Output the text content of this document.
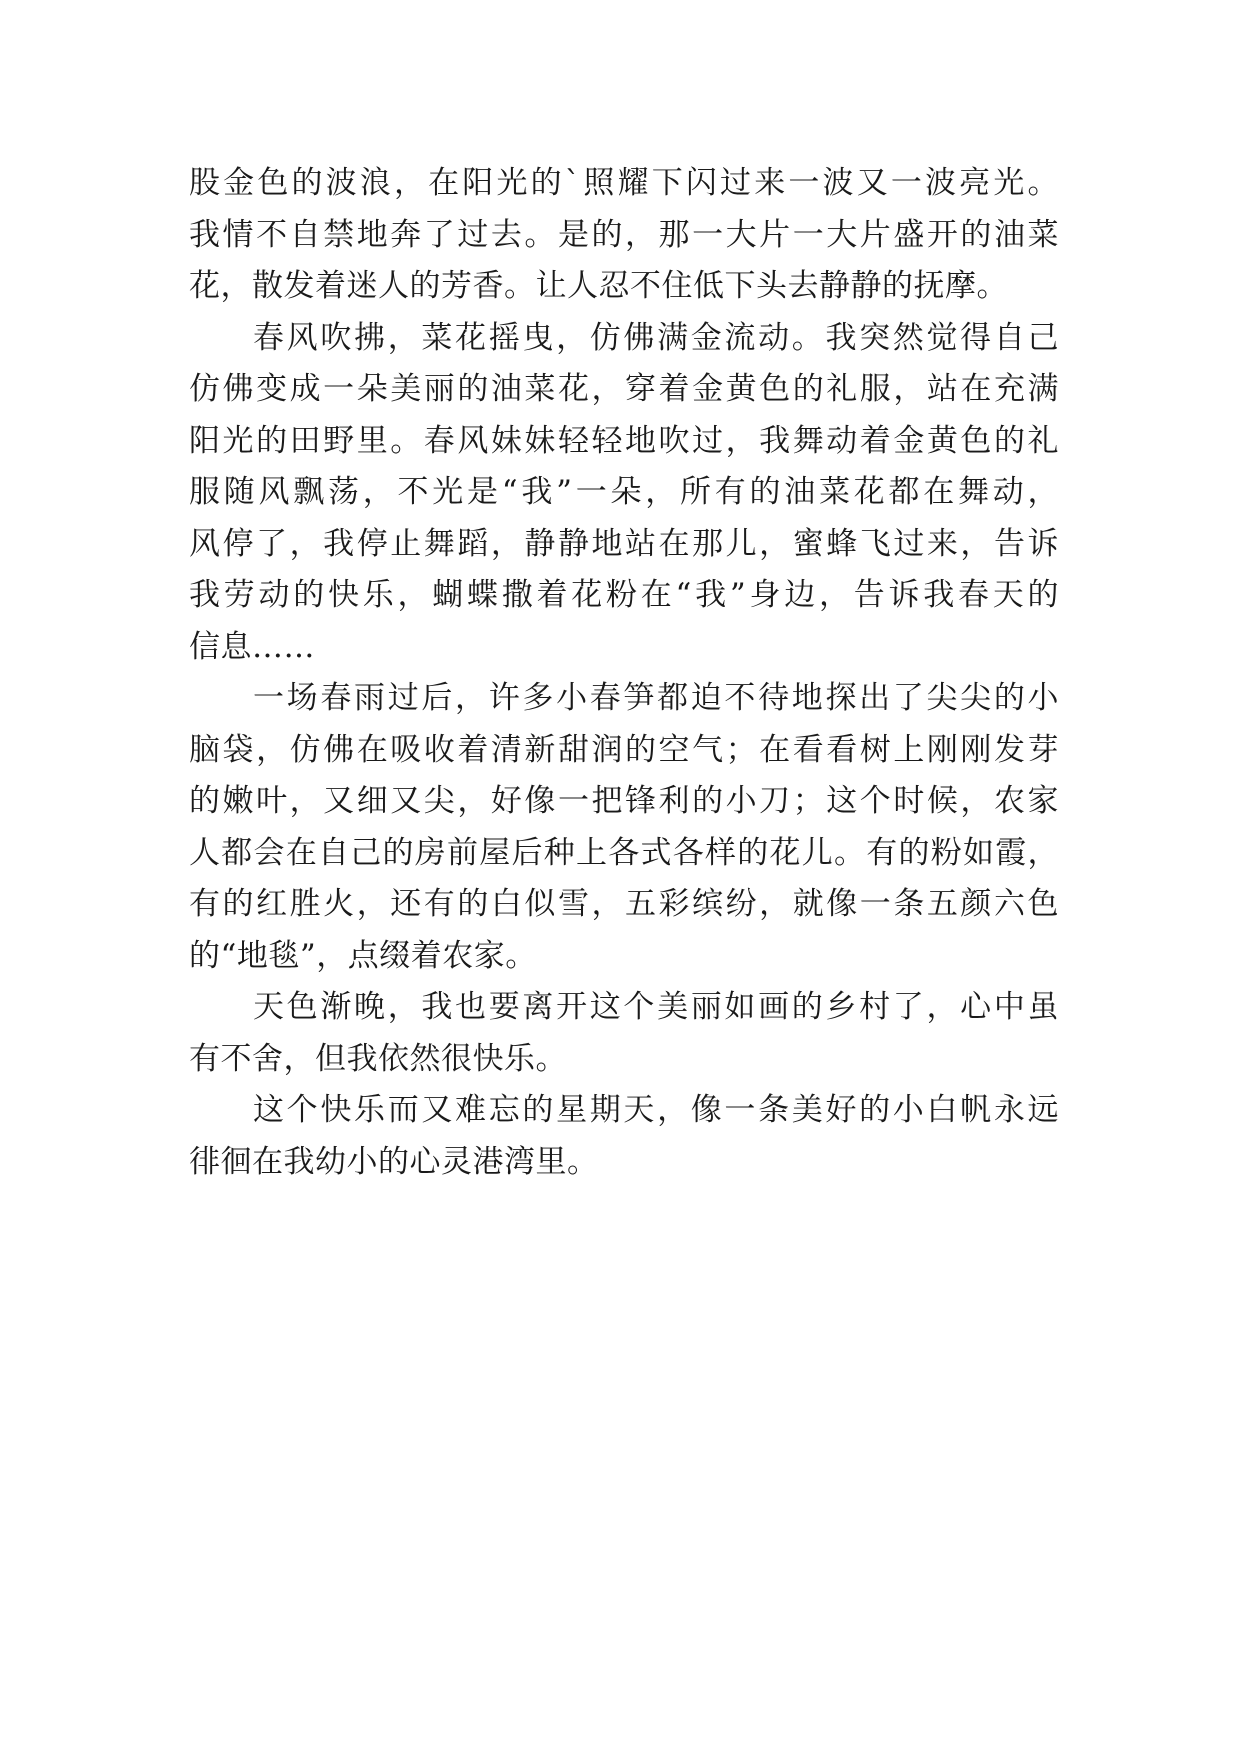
股金色的波浪，在阳光的`照耀下闪过来一波又一波亮光。
我情不自禁地奔了过去。是的，那一大片一大片盛开的油菜
花，散发着迷人的芳香。让人忍不住低下头去静静的抚摩。
春风吹拂，菜花摇曳，仿佛满金流动。我突然觉得自己
仿佛变成一朵美丽的油菜花，穿着金黄色的礼服，站在充满
阳光的田野里。春风妹妹轻轻地吹过，我舞动着金黄色的礼
服随风飘荡，不光是“我”一朵，所有的油菜花都在舞动，
风停了，我停止舞蹈，静静地站在那儿，蜜蜂飞过来，告诉
我劳动的快乐，蝴蝶撒着花粉在“我”身边，告诉我春天的
信息……
一场春雨过后，许多小春笋都迫不待地探出了尖尖的小
脑袋，仿佛在吸收着清新甜润的空气；在看看树上刚刚发芽
的嫩叶，又细又尖，好像一把锋利的小刀；这个时候，农家
人都会在自己的房前屋后种上各式各样的花儿。有的粉如霞，
有的红胜火，还有的白似雪，五彩缤纷，就像一条五颜六色
的“地毯”，点缀着农家。
天色渐晚，我也要离开这个美丽如画的乡村了，心中虽
有不舍，但我依然很快乐。
这个快乐而又难忘的星期天，像一条美好的小白帆永远
徘徊在我幼小的心灵港湾里。
